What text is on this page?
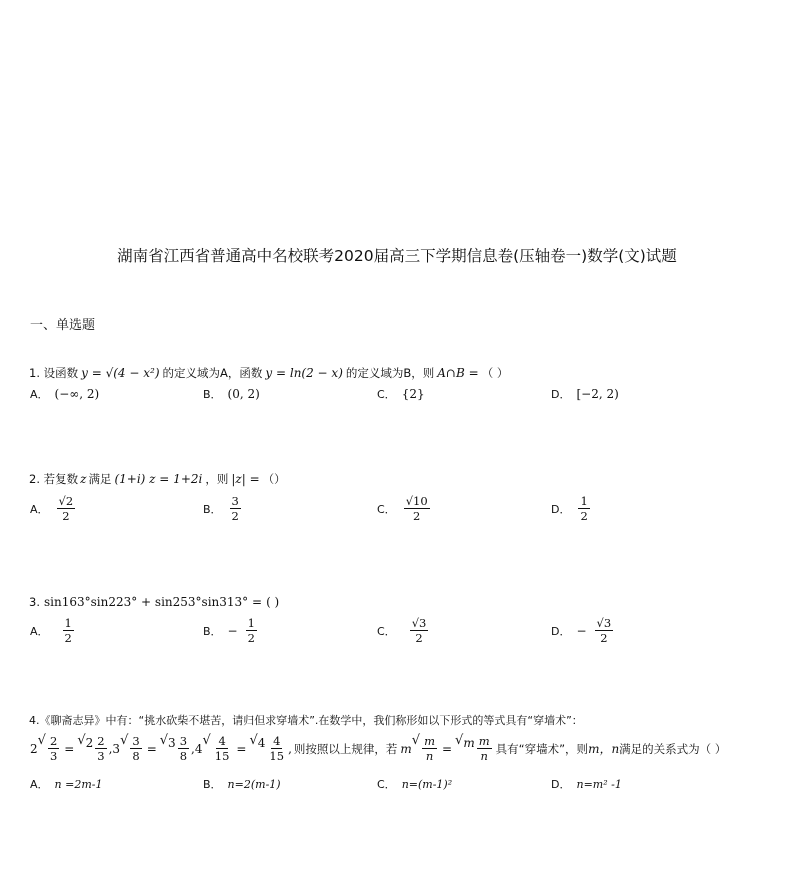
湖南省江西省普通高中名校联考2020届高三下学期信息卷(压轴卷一)数学(文)试题
一、单选题
1. 设函数 y = √(4 − x²) 的定义域为A，函数 y = ln(2 − x) 的定义域为B，则 A∩B = （ ）
A． (−∞, 2)	B． (0, 2)	C． {2}	D． [−2, 2)
2. 若复数 z 满足 (1+i) z = 1+2i ，则 |z| = （）
A． $\frac{√2}{2}$	B． $\frac{3}{2}$	C． $\frac{√10}{2}$	D． $\frac{1}{2}$
3. sin163°sin223° + sin253°sin313° = ( )
A． $\frac{1}{2}$	B． − $\frac{1}{2}$	C． $\frac{√3}{2}$	D． − $\frac{√3}{2}$
4.《聊斋志异》中有：“挑水砍柴不堪苦，请归但求穿墙术”.在数学中，我们称形如以下形式的等式具有“穿墙术”：
2
√ $\frac{2}{3}$ =
√ $2 \frac{2}{3}$ , 3
√ $\frac{3}{8}$ =
√ $3 \frac{3}{8}$ , 4
√ $\frac{4}{15}$ =
√ $4 \frac{4}{15}$ , 则按照以上规律，若 m
√ $\frac{m}{n}$ =
√ m $\frac{m}{n}$ 具有“穿墙术”，则 m，n 满足的关系式为（ ）
A． n =2m-1	B． n=2(m-1)	C． n=(m-1)²	D． n=m² -1
